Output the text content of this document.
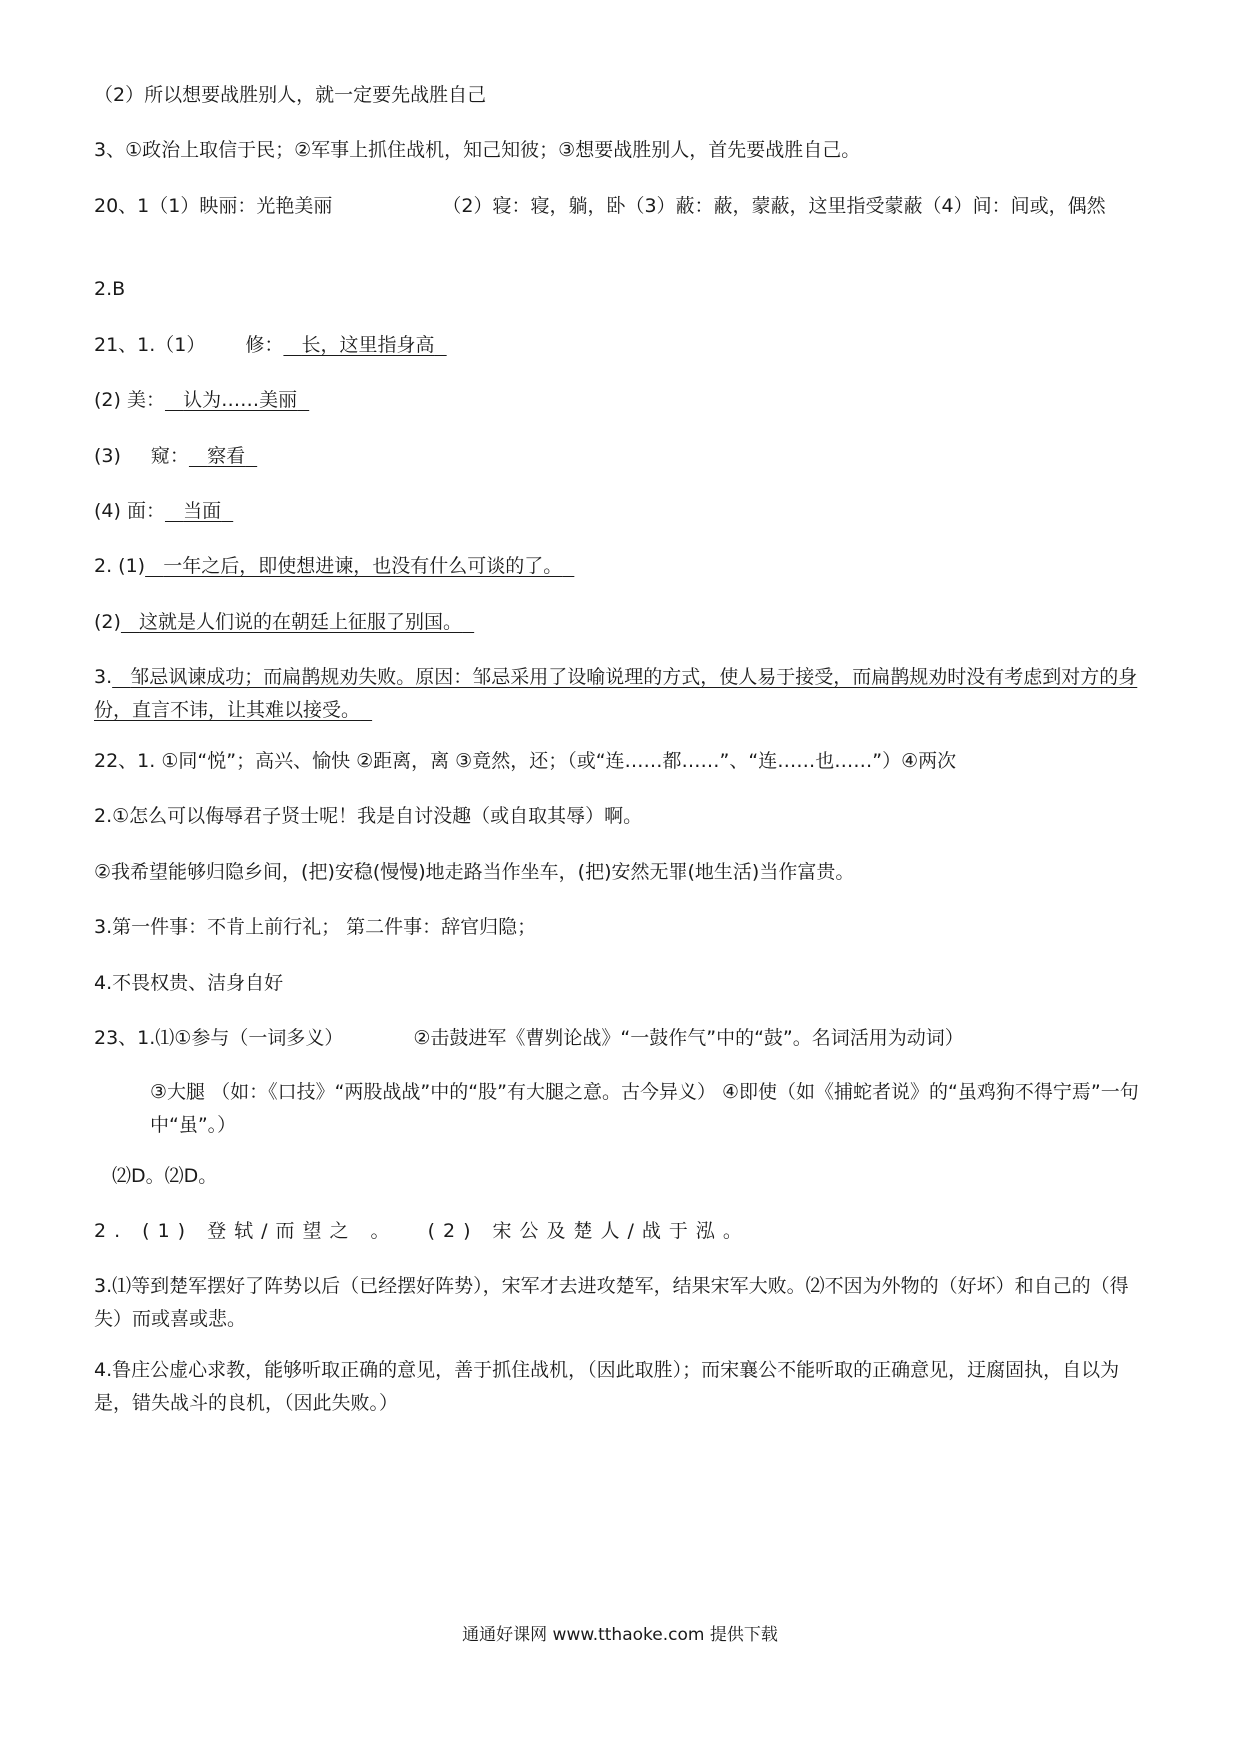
（2）所以想要战胜别人，就一定要先战胜自己
3、①政治上取信于民；②军事上抓住战机，知己知彼；③想要战胜别人，首先要战胜自己。
20、1（1）眏丽：光艳美丽	（2）寝：寝，躺，卧（3）蔽：蔽，蒙蔽，这里指受蒙蔽（4）间：间或，偶然
2.B
21、1.（1） 修： 长，这里指身高
(2) 美： 认为……美丽
(3) 窥： 察看
(4) 面： 当面
2. (1) 一年之后，即使想进谏，也没有什么可谈的了。
(2) 这就是人们说的在朝廷上征服了别国。
3. 邹忌讽谏成功；而扁鹊规劝失败。原因：邹忌采用了设喻说理的方式，使人易于接受，而扁鹊规劝时没有考虑到对方的身份，直言不讳，让其难以接受。
22、1. ①同“悦”；高兴、愉快 ②距离，离 ③竟然，还；（或“连……都……”、“连……也……”）④两次
2.①怎么可以侮辱君子贤士呢！我是自讨没趣（或自取其辱）啊。
②我希望能够归隐乡间，(把)安稳(慢慢)地走路当作坐车，(把)安然无罪(地生活)当作富贵。
3.第一件事：不肯上前行礼； 第二件事：辞官归隐；
4.不畏权贵、洁身自好
23、1.⑴①参与（一词多义）	②击鼓进军《曹刿论战》“一鼓作气”中的“鼓”。名词活用为动词）
③大腿 （如：《口技》“两股战战”中的“股”有大腿之意。古今异义） ④即使（如《捕蛇者说》的“虽鸡狗不得宁焉”一句中“虽”。）
⑵D。⑵D。
2. (1) 登轼/而望之 。 (2) 宋公及楚人/战于泓。
3.⑴等到楚军摆好了阵势以后（已经摆好阵势），宋军才去进攻楚军，结果宋军大败。⑵不因为外物的（好坏）和自己的（得失）而或喜或悲。
4.鲁庄公虚心求教，能够听取正确的意见，善于抓住战机，（因此取胜）；而宋襄公不能听取的正确意见，迂腐固执，自以为是，错失战斗的良机，（因此失败。）
通通好课网 www.tthaoke.com 提供下载
